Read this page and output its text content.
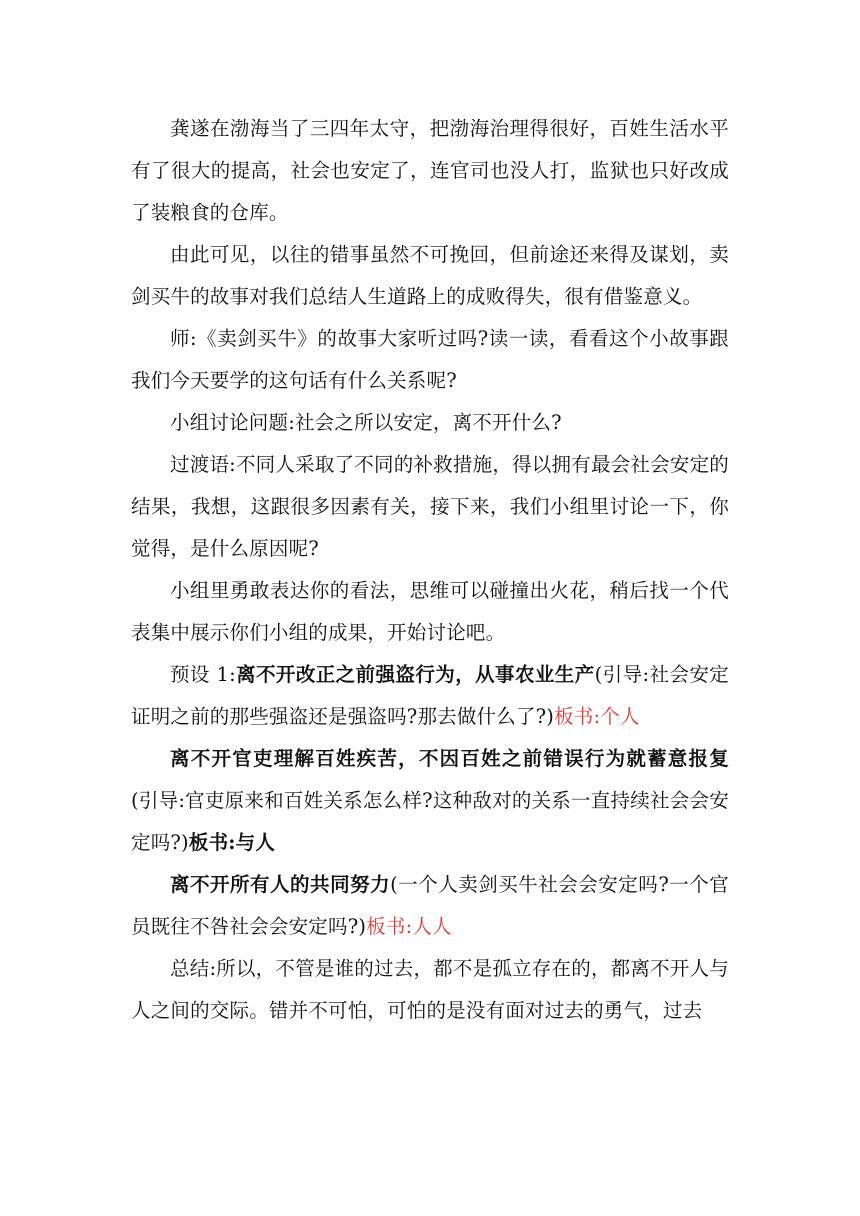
龚遂在渤海当了三四年太守，把渤海治理得很好，百姓生活水平有了很大的提高，社会也安定了，连官司也没人打，监狱也只好改成了装粮食的仓库。

由此可见，以往的错事虽然不可挽回，但前途还来得及谋划，卖剑买牛的故事对我们总结人生道路上的成败得失，很有借鉴意义。

师:《卖剑买牛》的故事大家听过吗?读一读，看看这个小故事跟我们今天要学的这句话有什么关系呢?

小组讨论问题:社会之所以安定，离不开什么?

过渡语:不同人采取了不同的补救措施，得以拥有最会社会安定的结果，我想，这跟很多因素有关，接下来，我们小组里讨论一下，你觉得，是什么原因呢?

小组里勇敢表达你的看法，思维可以碰撞出火花，稍后找一个代表集中展示你们小组的成果，开始讨论吧。

预设 1:离不开改正之前强盗行为，从事农业生产(引导:社会安定证明之前的那些强盗还是强盗吗?那去做什么了?)板书:个人

离不开官吏理解百姓疾苦，不因百姓之前错误行为就蓄意报复(引导:官吏原来和百姓关系怎么样?这种敌对的关系一直持续社会会安定吗?)板书:与人

离不开所有人的共同努力(一个人卖剑买牛社会会安定吗?一个官员既往不咎社会会安定吗?)板书:人人

总结:所以，不管是谁的过去，都不是孤立存在的，都离不开人与人之间的交际。错并不可怕，可怕的是没有面对过去的勇气，过去
